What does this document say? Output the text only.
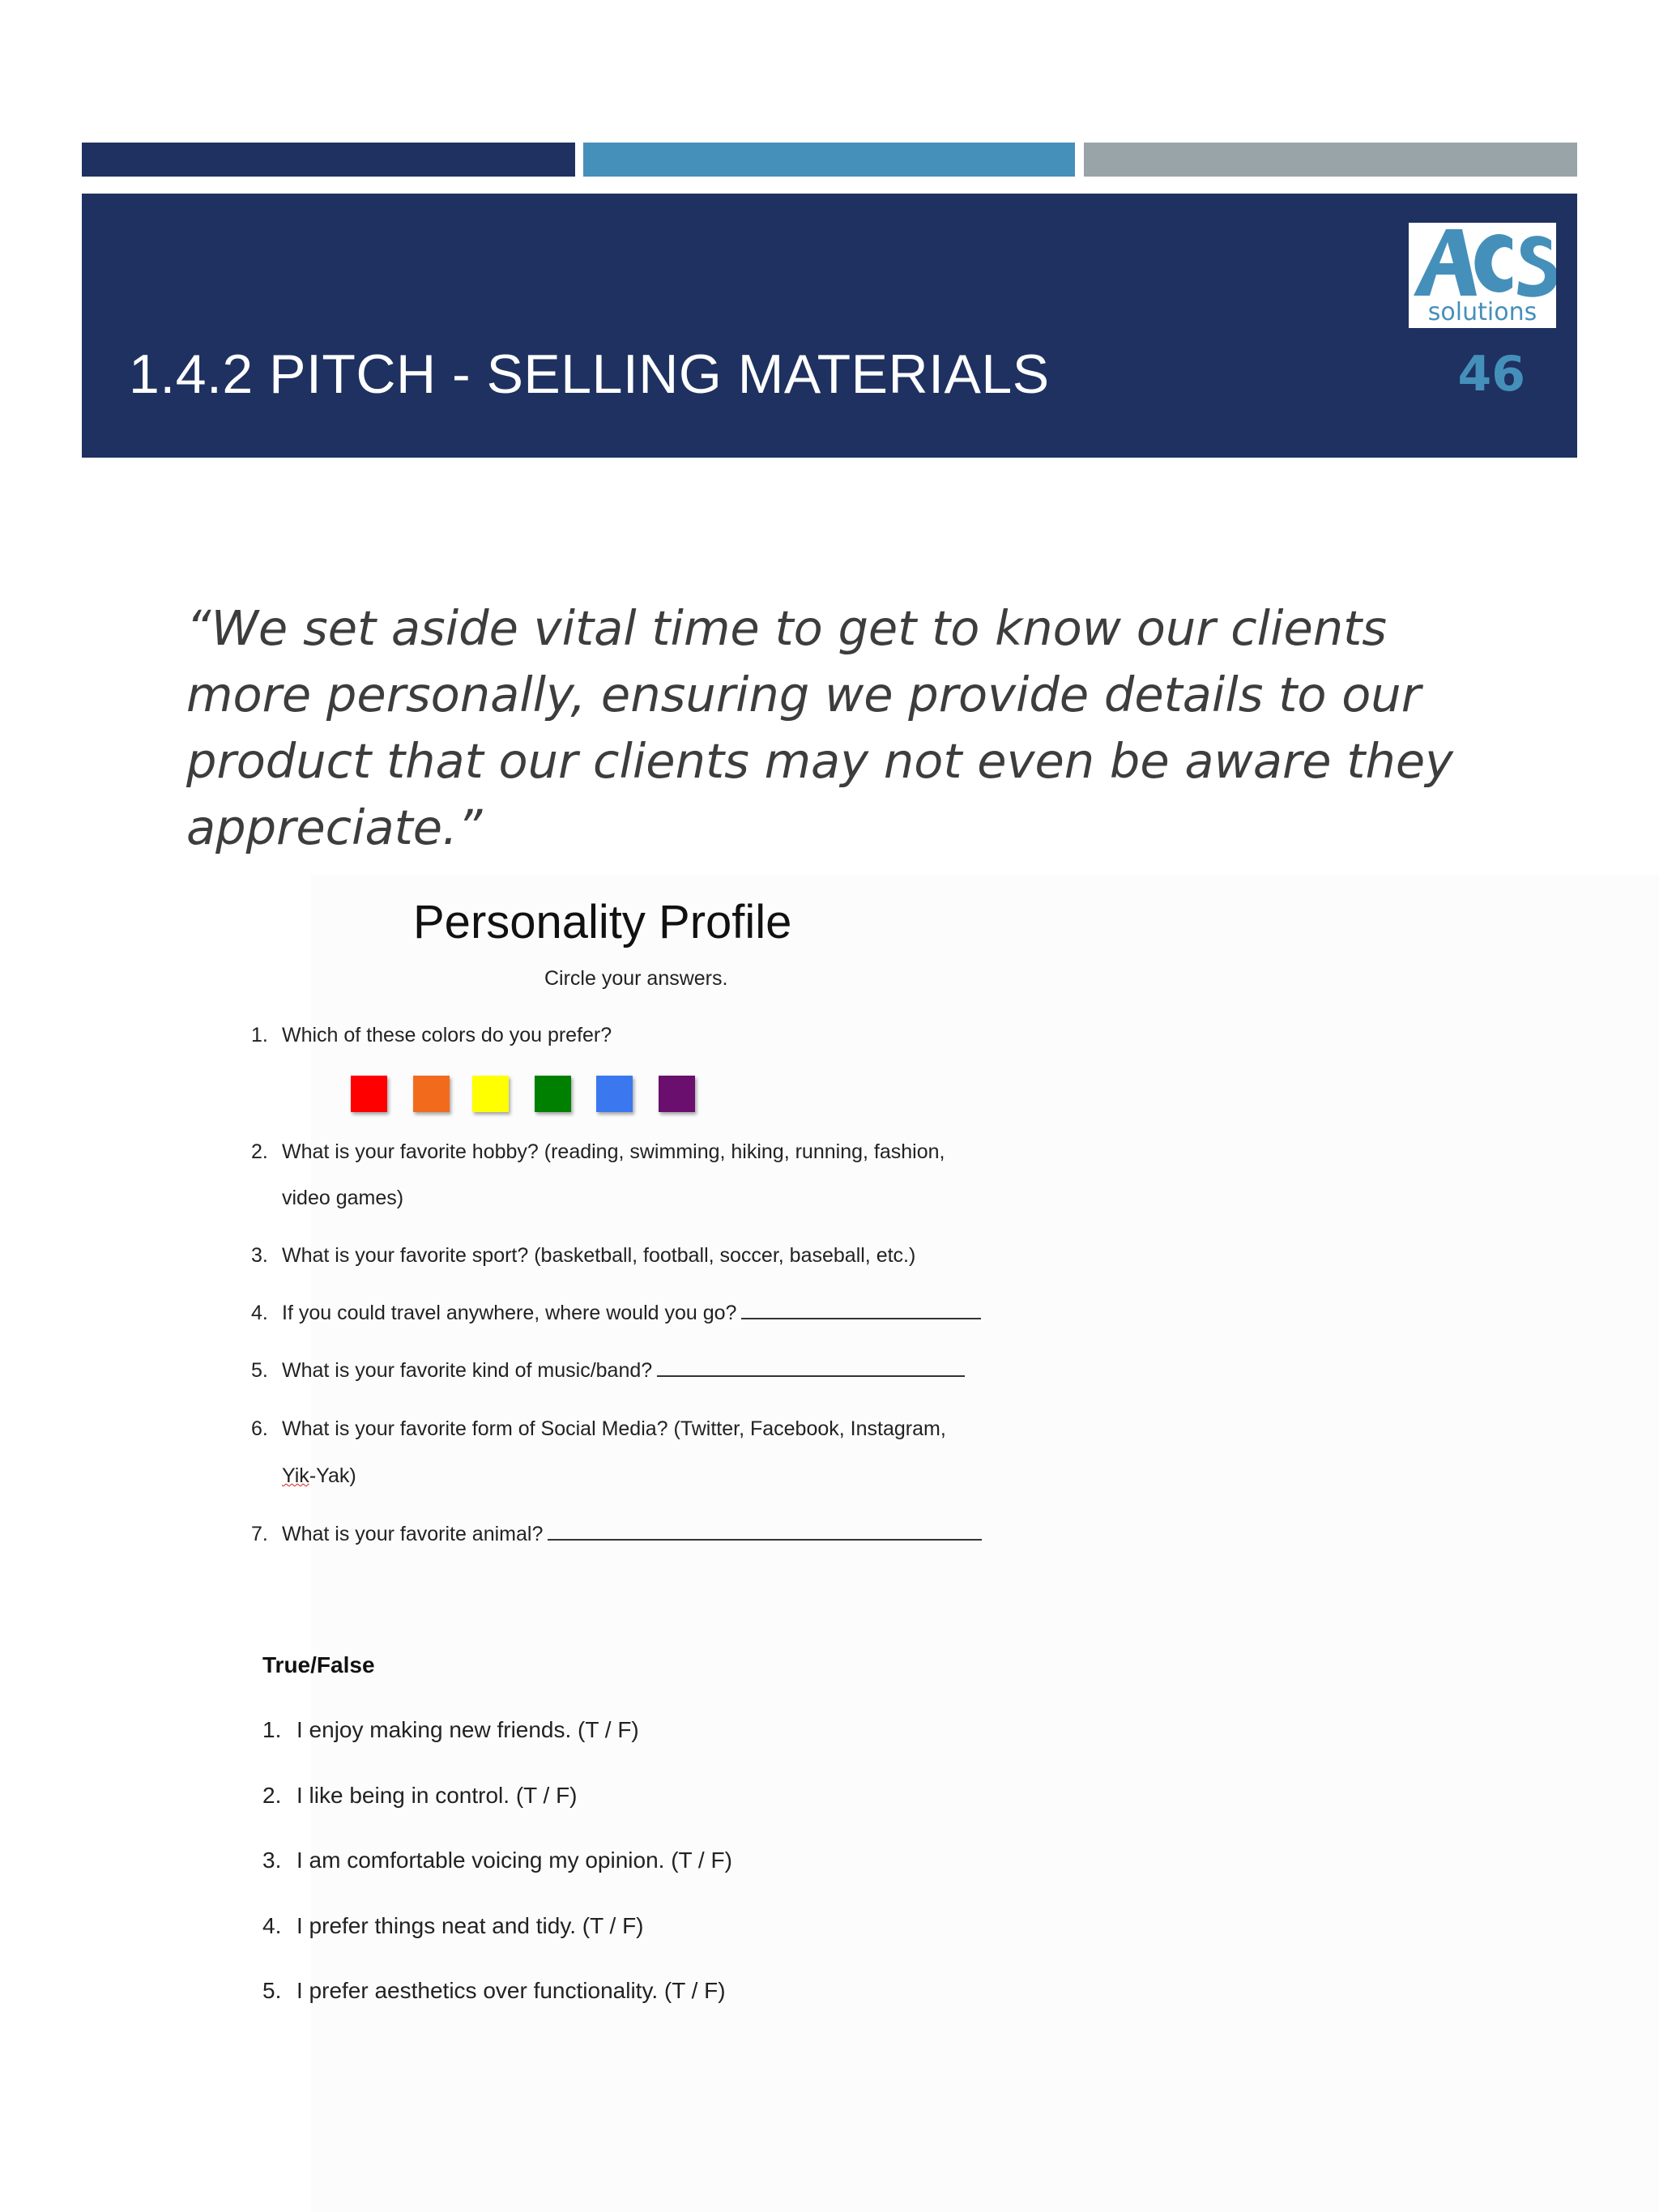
1.4.2 PITCH - SELLING MATERIALS	46
solutions
“We set aside vital time to get to know our clients more personally, ensuring we provide details to our product that our clients may not even be aware they appreciate.”
Personality Profile
Circle your answers.
1. Which of these colors do you prefer?
2. What is your favorite hobby? (reading, swimming, hiking, running, fashion,
video games)
3. What is your favorite sport? (basketball, football, soccer, baseball, etc.)
4. If you could travel anywhere, where would you go?
5. What is your favorite kind of music/band?
6. What is your favorite form of Social Media? (Twitter, Facebook, Instagram,
Yik-Yak)
7. What is your favorite animal?
True/False
1. I enjoy making new friends. (T / F)
2. I like being in control. (T / F)
3. I am comfortable voicing my opinion. (T / F)
4. I prefer things neat and tidy. (T / F)
5. I prefer aesthetics over functionality. (T / F)
